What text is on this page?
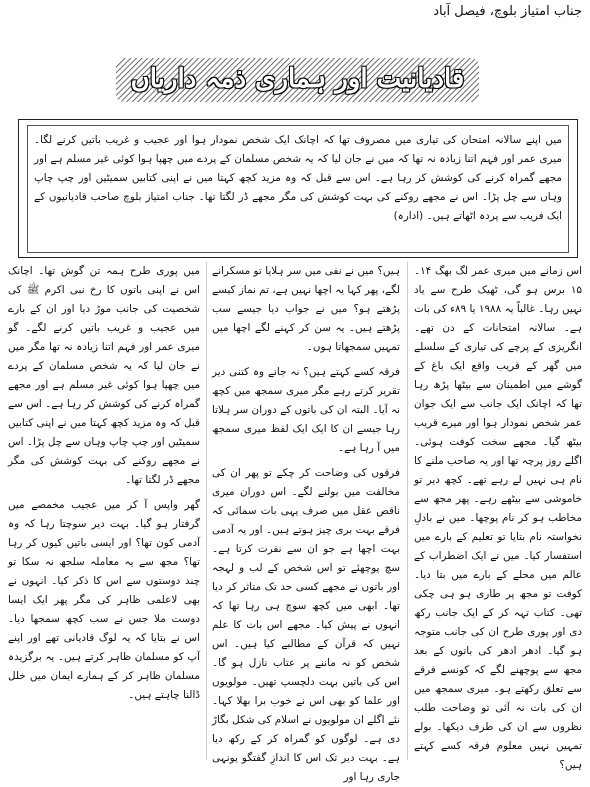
جناب امتیاز بلوچ، فیصل آباد
قادیانیت اور ہماری ذمہ داریاں
میں اپنے سالانہ امتحان کی تیاری میں مصروف تھا کہ اچانک ایک شخص نمودار ہوا اور عجیب و غریب باتیں کرنے لگا۔ میری عمر اور فہم اتنا زیادہ نہ تھا کہ میں نے جان لیا کہ یہ شخص مسلمان کے پردے میں چھپا ہوا کوئی غیر مسلم ہے اور مجھے گمراہ کرنے کی کوشش کر رہا ہے۔ اس سے قبل کہ وہ مزید کچھ کہتا میں نے اپنی کتابیں سمیٹیں اور چپ چاپ وہاں سے چل پڑا۔ اس نے مجھے روکنے کی بہت کوشش کی مگر مجھے ڈر لگتا تھا۔ جناب امتیاز بلوچ صاحب قادیانیوں کے ایک فریب سے پردہ اٹھاتے ہیں۔ (ادارہ)

اس زمانے میں میری عمر لگ بھگ ۱۴۔۱۵ برس ہو گی، ٹھیک طرح سے یاد نہیں رہا۔ غالباً یہ ۱۹۸۸ یا ۸۹ء کی بات ہے۔ سالانہ امتحانات کے دن تھے۔ انگریزی کے پرچے کی تیاری کے سلسلے میں گھر کے قریب واقع ایک باغ کے گوشے میں اطمینان سے بیٹھا پڑھ رہا تھا کہ اچانک ایک جانب سے ایک جوان عمر شخص نمودار ہوا اور میرے قریب بیٹھ گیا۔ مجھے سخت کوفت ہوئی۔ اگلے روز پرچہ تھا اور یہ صاحب ملنے کا نام ہی نہیں لے رہے تھے۔ کچھ دیر تو خاموشی سے بیٹھے رہے۔ پھر مجھ سے مخاطب ہو کر نام پوچھا۔ میں نے بادلِ نخواستہ نام بتایا تو تعلیم کے بارے میں استفسار کیا۔ میں نے ایک اضطراب کے عالم میں محلے کے بارے میں بتا دیا۔ کوفت تو مجھ پر طاری ہو ہی چکی تھی۔ کتاب تہہ کر کے ایک جانب رکھ دی اور پوری طرح ان کی جانب متوجہ ہو گیا۔ ادھر ادھر کی باتوں کے بعد مجھ سے پوچھنے لگے کہ کونسے فرقے سے تعلق رکھتے ہو۔ میری سمجھ میں ان کی بات نہ آئی تو وضاحت طلب نظروں سے ان کی طرف دیکھا۔ بولے تمہیں نہیں معلوم فرقہ کسے کہتے ہیں؟

ہیں؟ میں نے نفی میں سر ہلایا تو مسکرانے لگے، پھر کہا یہ اچھا نہیں ہے، تم نماز کیسے پڑھتے ہو؟ میں نے جواب دیا جیسے سب پڑھتے ہیں۔ یہ سن کر کہنے لگے اچھا میں تمہیں سمجھاتا ہوں۔

فرقہ کسے کہتے ہیں؟ نہ جانے وہ کتنی دیر تقریر کرتے رہے مگر میری سمجھ میں کچھ نہ آیا۔ البتہ ان کی باتوں کے دوران سر ہلاتا رہا جیسے ان کا ایک ایک لفظ میری سمجھ میں آ رہا ہے۔

فرقوں کی وضاحت کر چکے تو پھر ان کی مخالفت میں بولنے لگے۔ اس دوران میری ناقص عقل میں صرف یہی بات سمائی کہ فرقے بہت بری چیز ہوتے ہیں۔ اور یہ آدمی بہت اچھا ہے جو ان سے نفرت کرتا ہے۔ سچ پوچھئے تو اس شخص کے لب و لہجہ اور باتوں نے مجھے کسی حد تک متاثر کر دیا تھا۔ ابھی میں کچھ سوچ ہی رہا تھا کہ انہوں نے پیش کیا۔ مجھے اس بات کا علم نہیں کہ قرآن کے مطالبے کیا ہیں۔ اس شخص کو نہ ماننے پر عتاب نازل ہو گا۔ اس کی باتیں بہت دلچسپ تھیں۔ مولویوں اور علما کو بھی اس نے خوب برا بھلا کہا۔ نئے اگلے ان مولویوں نے اسلام کی شکل بگاڑ دی ہے۔ لوگوں کو گمراہ کر کے رکھ دیا ہے۔ بہت دیر تک اس کا اندازِ گفتگو یونہی جاری رہا اور

میں پوری طرح ہمہ تن گوش تھا۔ اچانک اس نے اپنی باتوں کا رخ نبی اکرم ﷺ کی شخصیت کی جانب موڑ دیا اور ان کے بارے میں عجیب و غریب باتیں کرنے لگے۔ گو میری عمر اور فہم اتنا زیادہ نہ تھا مگر میں نے جان لیا کہ یہ شخص مسلمان کے پردے میں چھپا ہوا کوئی غیر مسلم ہے اور مجھے گمراہ کرنے کی کوشش کر رہا ہے۔ اس سے قبل کہ وہ مزید کچھ کہتا میں نے اپنی کتابیں سمیٹیں اور چپ چاپ وہاں سے چل پڑا۔ اس نے مجھے روکنے کی بہت کوشش کی مگر مجھے ڈر لگتا تھا۔

گھر واپس آ کر میں عجیب مخمصے میں گرفتار ہو گیا۔ بہت دیر سوچتا رہا کہ وہ آدمی کون تھا؟ اور ایسی باتیں کیوں کر رہا تھا؟ مجھ سے یہ معاملہ سلجھ نہ سکا تو چند دوستوں سے اس کا ذکر کیا۔ انہوں نے بھی لاعلمی ظاہر کی مگر پھر ایک ایسا دوست ملا جس نے سب کچھ سمجھا دیا۔ اس نے بتایا کہ یہ لوگ قادیانی تھے اور اپنے آپ کو مسلمان ظاہر کرتے ہیں۔ یہ برگزیدہ مسلمان ظاہر کر کے ہمارے ایمان میں خلل ڈالنا چاہتے ہیں۔
